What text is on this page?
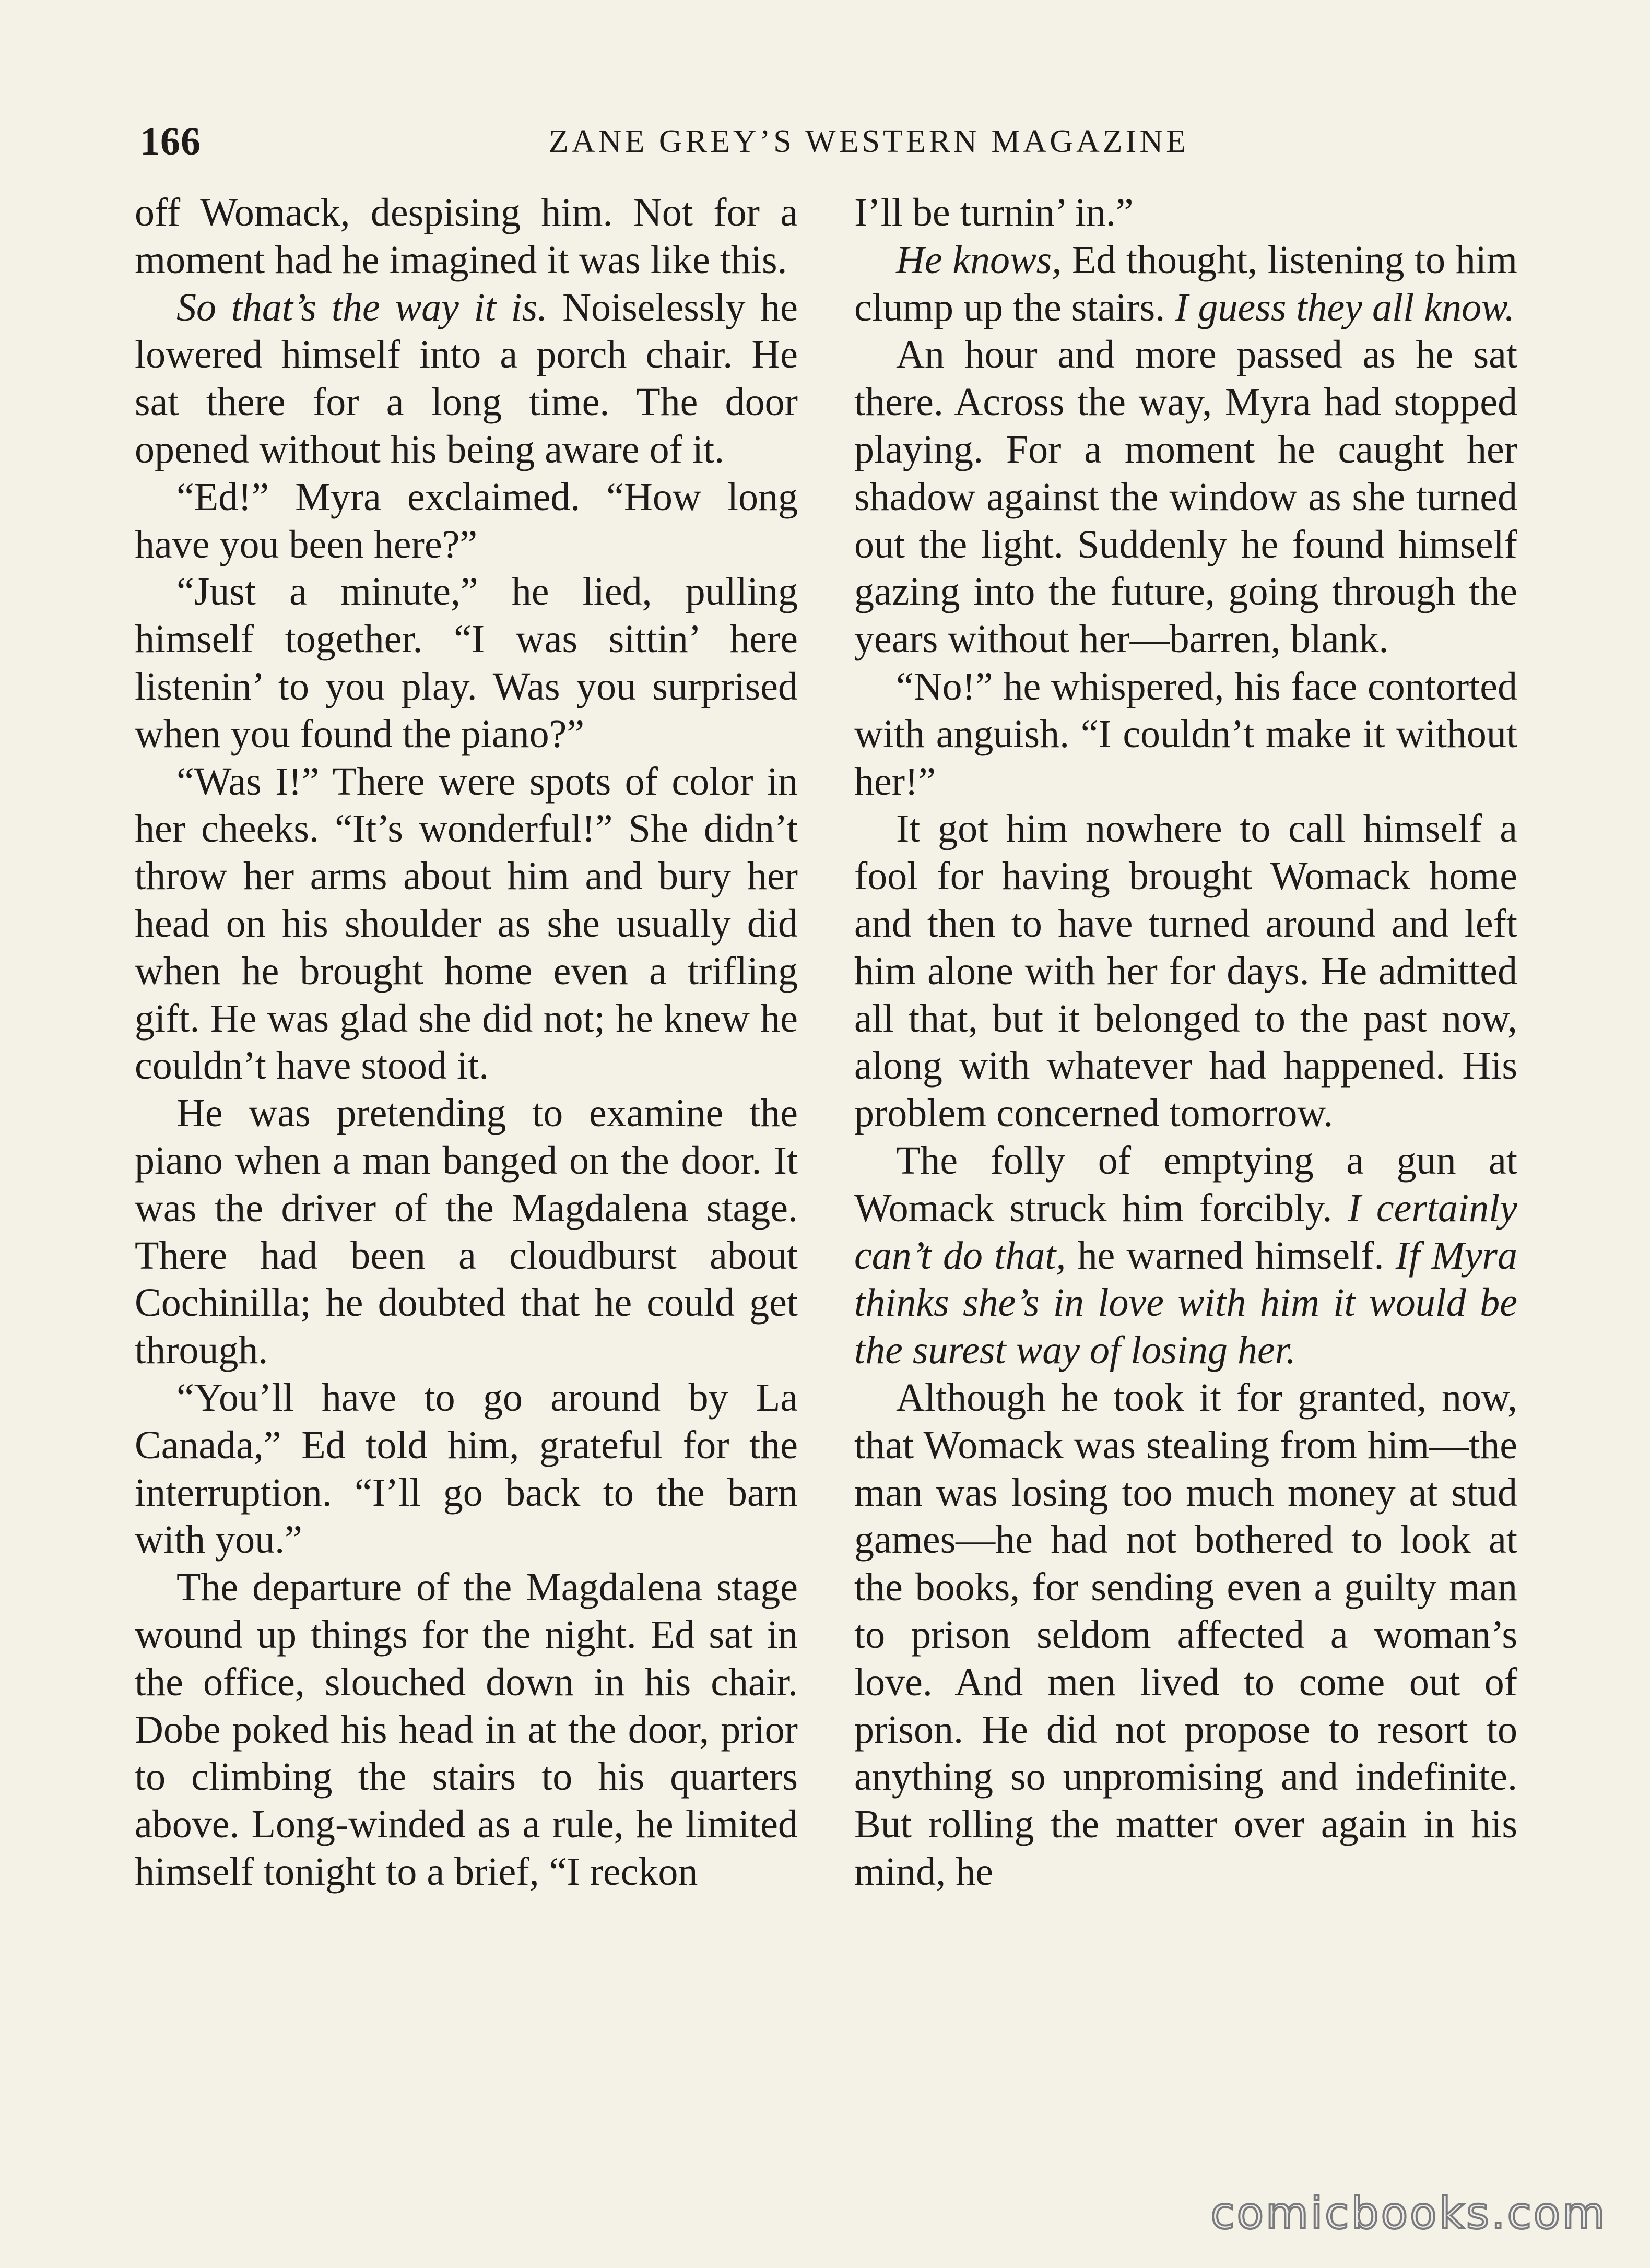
166	ZANE GREY’S WESTERN MAGAZINE

off Womack, despising him. Not for a moment had he imagined it was like this.

So that’s the way it is. Noiselessly he lowered himself into a porch chair. He sat there for a long time. The door opened without his being aware of it.

“Ed!” Myra exclaimed. “How long have you been here?”

“Just a minute,” he lied, pulling himself together. “I was sittin’ here listenin’ to you play. Was you surprised when you found the piano?”

“Was I!” There were spots of color in her cheeks. “It’s wonderful!” She didn’t throw her arms about him and bury her head on his shoulder as she usually did when he brought home even a trifling gift. He was glad she did not; he knew he couldn’t have stood it.

He was pretending to examine the piano when a man banged on the door. It was the driver of the Magdalena stage. There had been a cloudburst about Cochinilla; he doubted that he could get through.

“You’ll have to go around by La Canada,” Ed told him, grateful for the interruption. “I’ll go back to the barn with you.”

The departure of the Magdalena stage wound up things for the night. Ed sat in the office, slouched down in his chair. Dobe poked his head in at the door, prior to climbing the stairs to his quarters above. Long-winded as a rule, he limited himself tonight to a brief, “I reckon

I’ll be turnin’ in.”

He knows, Ed thought, listening to him clump up the stairs. I guess they all know.

An hour and more passed as he sat there. Across the way, Myra had stopped playing. For a moment he caught her shadow against the window as she turned out the light. Suddenly he found himself gazing into the future, going through the years without her—barren, blank.

“No!” he whispered, his face contorted with anguish. “I couldn’t make it without her!”

It got him nowhere to call himself a fool for having brought Womack home and then to have turned around and left him alone with her for days. He admitted all that, but it belonged to the past now, along with whatever had happened. His problem concerned tomorrow.

The folly of emptying a gun at Womack struck him forcibly. I certainly can’t do that, he warned himself. If Myra thinks she’s in love with him it would be the surest way of losing her.

Although he took it for granted, now, that Womack was stealing from him—the man was losing too much money at stud games—he had not bothered to look at the books, for sending even a guilty man to prison seldom affected a woman’s love. And men lived to come out of prison. He did not propose to resort to anything so unpromising and indefinite. But rolling the matter over again in his mind, he

comicbooks.com
